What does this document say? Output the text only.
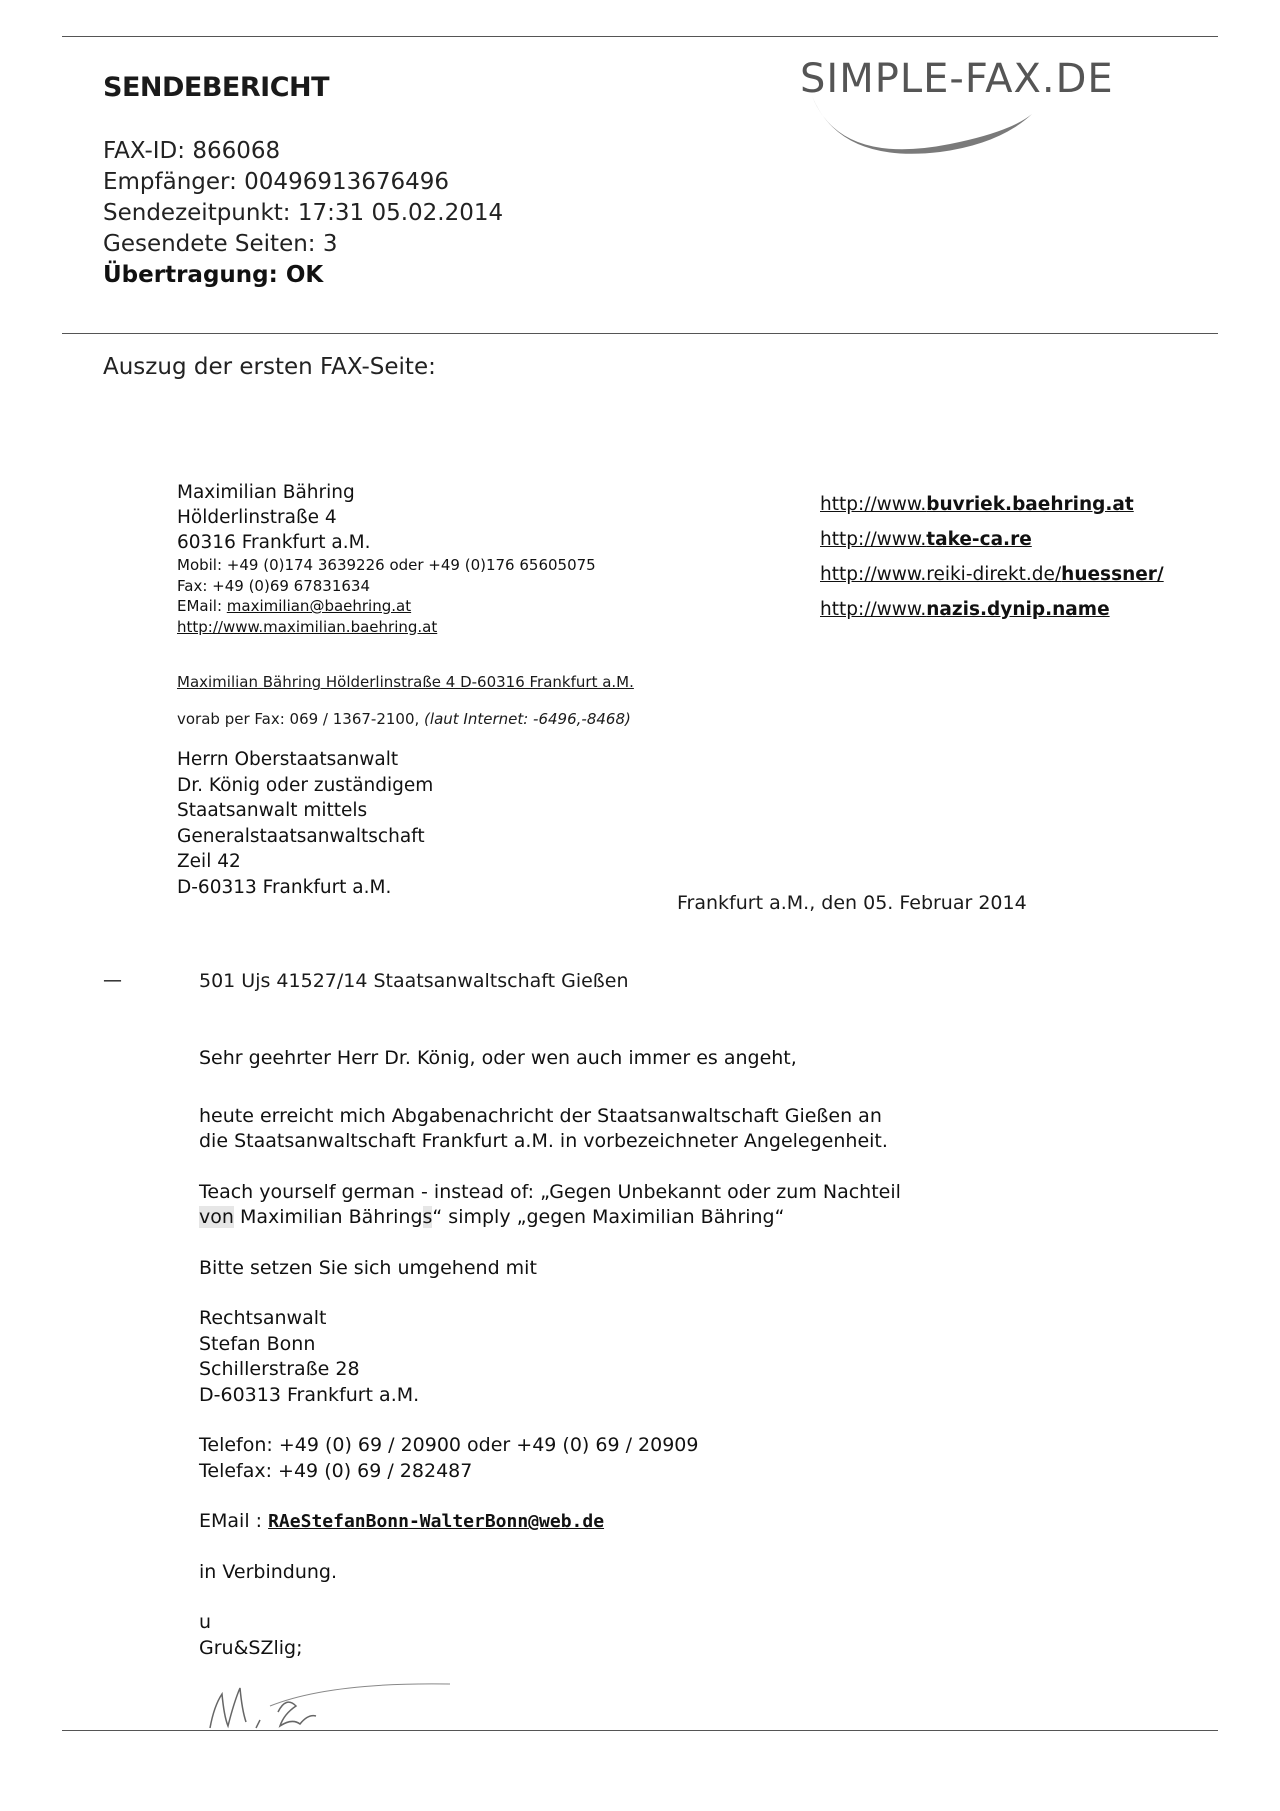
SENDEBERICHT	SIMPLE-FAX.DE
FAX-ID: 866068
Empfänger: 00496913676496
Sendezeitpunkt: 17:31 05.02.2014
Gesendete Seiten: 3
Übertragung: OK
Auszug der ersten FAX-Seite:
Maximilian Bähring
Hölderlinstraße 4
60316 Frankfurt a.M.
Mobil: +49 (0)174 3639226 oder +49 (0)176 65605075
Fax: +49 (0)69 67831634
EMail: maximilian@baehring.at
http://www.maximilian.baehring.at
http://www.buvriek.baehring.at
http://www.take-ca.re
http://www.reiki-direkt.de/huessner/
http://www.nazis.dynip.name
Maximilian Bähring Hölderlinstraße 4 D-60316 Frankfurt a.M.
vorab per Fax: 069 / 1367-2100, (laut Internet: -6496,-8468)
Herrn Oberstaatsanwalt
Dr. König oder zuständigem
Staatsanwalt mittels
Generalstaatsanwaltschaft
Zeil 42
D-60313 Frankfurt a.M.
Frankfurt a.M., den 05. Februar 2014
—	501 Ujs 41527/14 Staatsanwaltschaft Gießen

Sehr geehrter Herr Dr. König, oder wen auch immer es angeht,

heute erreicht mich Abgabenachricht der Staatsanwaltschaft Gießen an

die Staatsanwaltschaft Frankfurt a.M. in vorbezeichneter Angelegenheit.

Teach yourself german - instead of: „Gegen Unbekannt oder zum Nachteil

von Maximilian Bährings“ simply „gegen Maximilian Bähring“

Bitte setzen Sie sich umgehend mit

Rechtsanwalt

Stefan Bonn

Schillerstraße 28

D-60313 Frankfurt a.M.

Telefon: +49 (0) 69 / 20900 oder +49 (0) 69 / 20909

Telefax: +49 (0) 69 / 282487

EMail : RAeStefanBonn-WalterBonn@web.de

in Verbindung.

u

Gru&SZlig;
